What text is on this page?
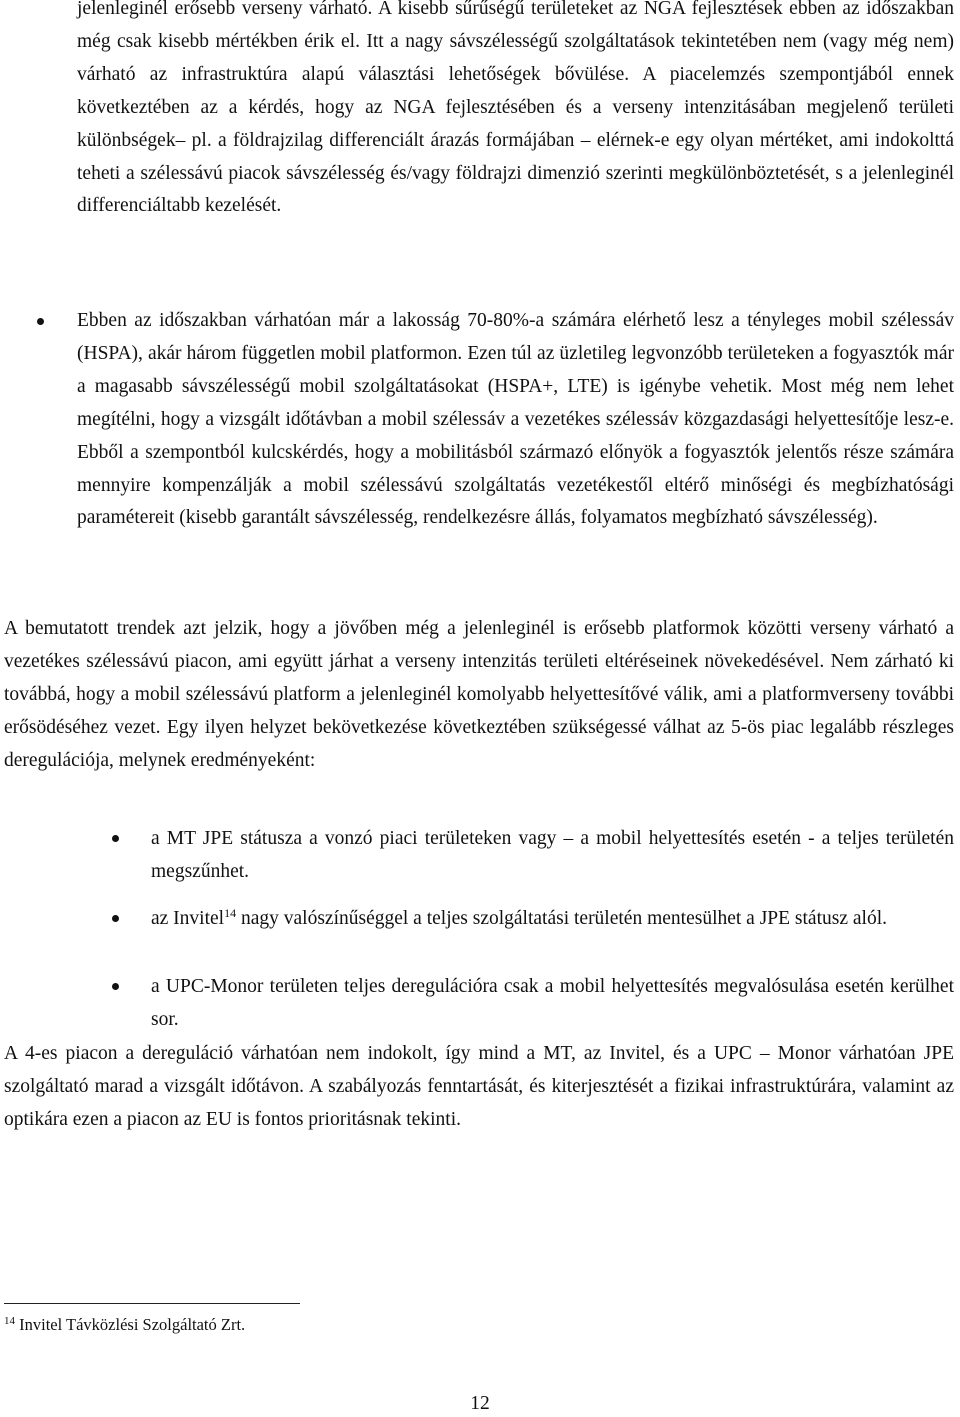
jelenleginél erősebb verseny várható. A kisebb sűrűségű területeket az NGA fejlesztések ebben az időszakban még csak kisebb mértékben érik el. Itt a nagy sávszélességű szolgáltatások tekintetében nem (vagy még nem) várható az infrastruktúra alapú választási lehetőségek bővülése. A piacelemzés szempontjából ennek következtében az a kérdés, hogy az NGA fejlesztésében és a verseny intenzitásában megjelenő területi különbségek– pl. a földrajzilag differenciált árazás formájában – elérnek-e egy olyan mértéket, ami indokolttá teheti a szélessávú piacok sávszélesség és/vagy földrajzi dimenzió szerinti megkülönböztetését, s a jelenleginél differenciáltabb kezelését.

Ebben az időszakban várhatóan már a lakosság 70-80%-a számára elérhető lesz a tényleges mobil szélessáv (HSPA), akár három független mobil platformon. Ezen túl az üzletileg legvonzóbb területeken a fogyasztók már a magasabb sávszélességű mobil szolgáltatásokat (HSPA+, LTE) is igénybe vehetik. Most még nem lehet megítélni, hogy a vizsgált időtávban a mobil szélessáv a vezetékes szélessáv közgazdasági helyettesítője lesz-e. Ebből a szempontból kulcskérdés, hogy a mobilitásból származó előnyök a fogyasztók jelentős része számára mennyire kompenzálják a mobil szélessávú szolgáltatás vezetékestől eltérő minőségi és megbízhatósági paramétereit (kisebb garantált sávszélesség, rendelkezésre állás, folyamatos megbízható sávszélesség).

A bemutatott trendek azt jelzik, hogy a jövőben még a jelenleginél is erősebb platformok közötti verseny várható a vezetékes szélessávú piacon, ami együtt járhat a verseny intenzitás területi eltéréseinek növekedésével. Nem zárható ki továbbá, hogy a mobil szélessávú platform a jelenleginél komolyabb helyettesítővé válik, ami a platformverseny további erősödéséhez vezet. Egy ilyen helyzet bekövetkezése következtében szükségessé válhat az 5-ös piac legalább részleges deregulációja, melynek eredményeként:

a MT JPE státusza a vonzó piaci területeken vagy – a mobil helyettesítés esetén - a teljes területén megszűnhet.

az Invitel$^{14}$ nagy valószínűséggel a teljes szolgáltatási területén mentesülhet a JPE státusz alól.

a UPC-Monor területen teljes deregulációra csak a mobil helyettesítés megvalósulása esetén kerülhet sor.

A 4-es piacon a dereguláció várhatóan nem indokolt, így mind a MT, az Invitel, és a UPC – Monor várhatóan JPE szolgáltató marad a vizsgált időtávon. A szabályozás fenntartását, és kiterjesztését a fizikai infrastruktúrára, valamint az optikára ezen a piacon az EU is fontos prioritásnak tekinti.

$^{14}$ Invitel Távközlési Szolgáltató Zrt.

12
